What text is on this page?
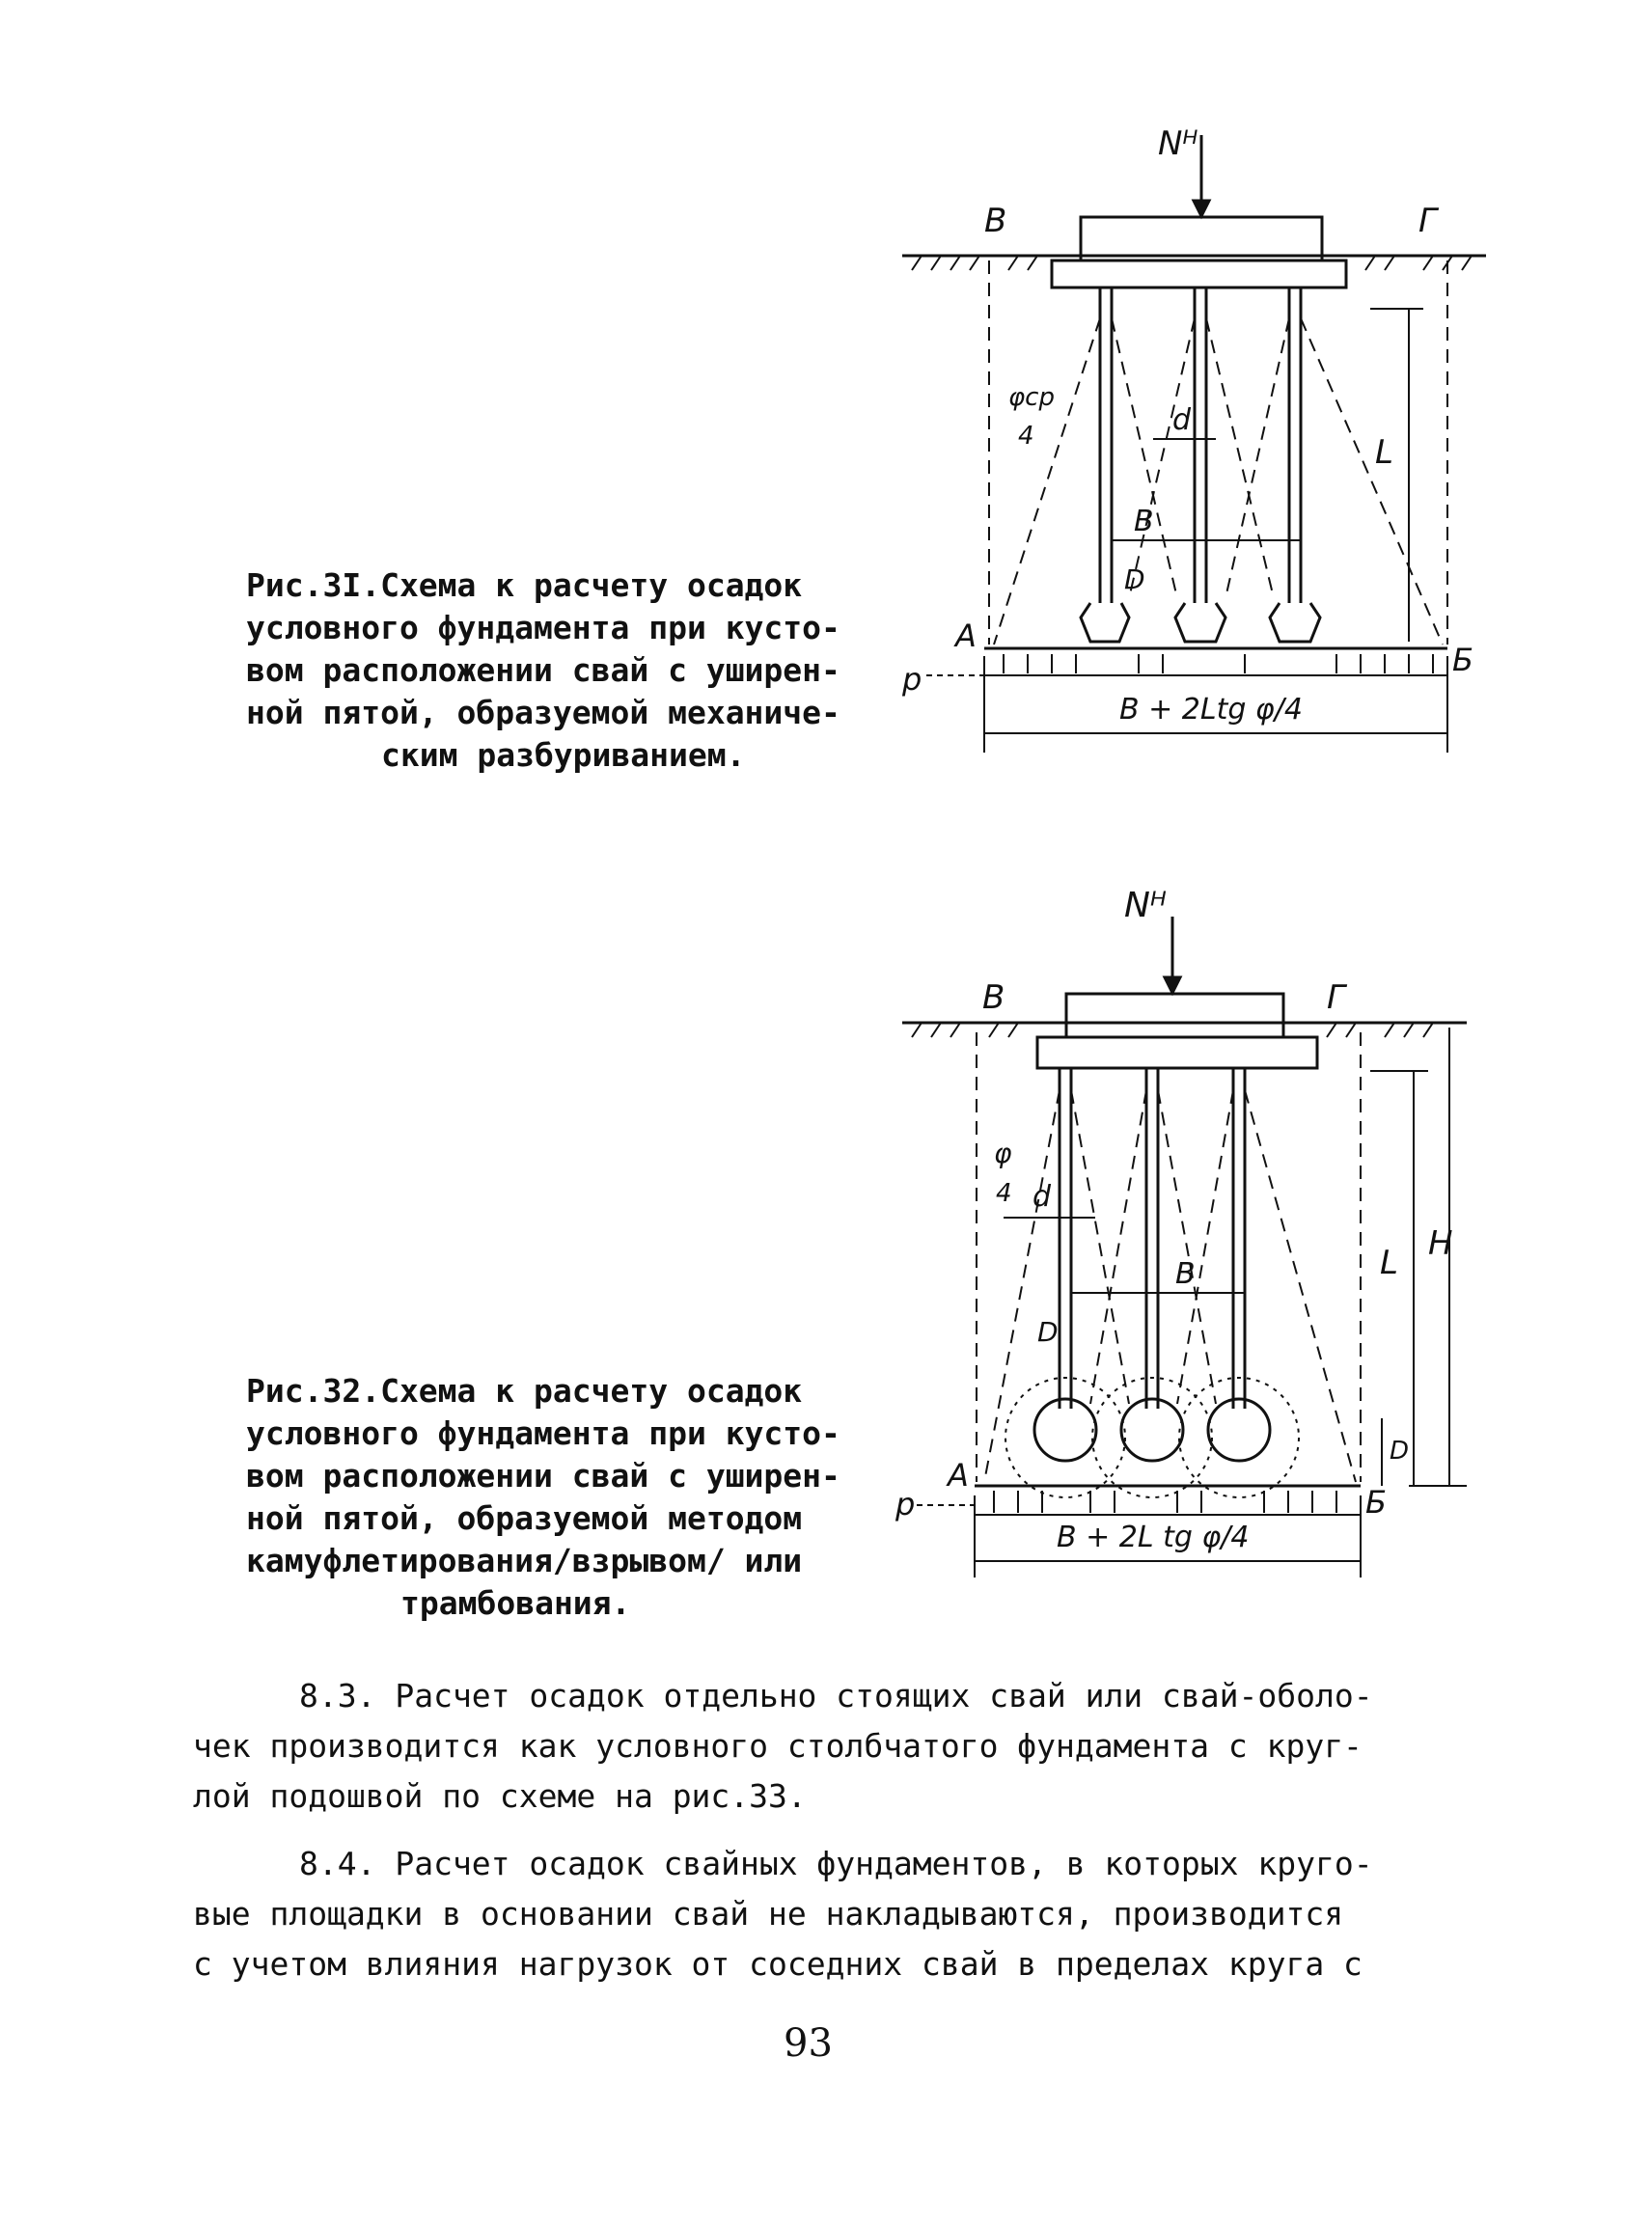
Nᴴ
B	Г
φср
4	d
L
B
D
A
Б
p
B + 2Ltg φ/4
Рис.3I.Схема к расчету осадок
условного фундамента при кусто-
вом расположении свай с уширен-
ной пятой, образуемой механиче-
ским разбуриванием.
Nᴴ
B	Г
φ
4 d
L H
B
D
D
A
Б
p
B + 2L tg φ/4
Рис.32.Схема к расчету осадок
условного фундамента при кусто-
вом расположении свай с уширен-
ной пятой, образуемой методом
камуфлетирования/взрывом/ или
трамбования.

8.3. Расчет осадок отдельно стоящих свай или свай-оболо-
чек производится как условного столбчатого фундамента с круг-
лой подошвой по схеме на рис.33.

8.4. Расчет осадок свайных фундаментов, в которых круго-
вые площадки в основании свай не накладываются, производится
с учетом влияния нагрузок от соседних свай в пределах круга с

93
